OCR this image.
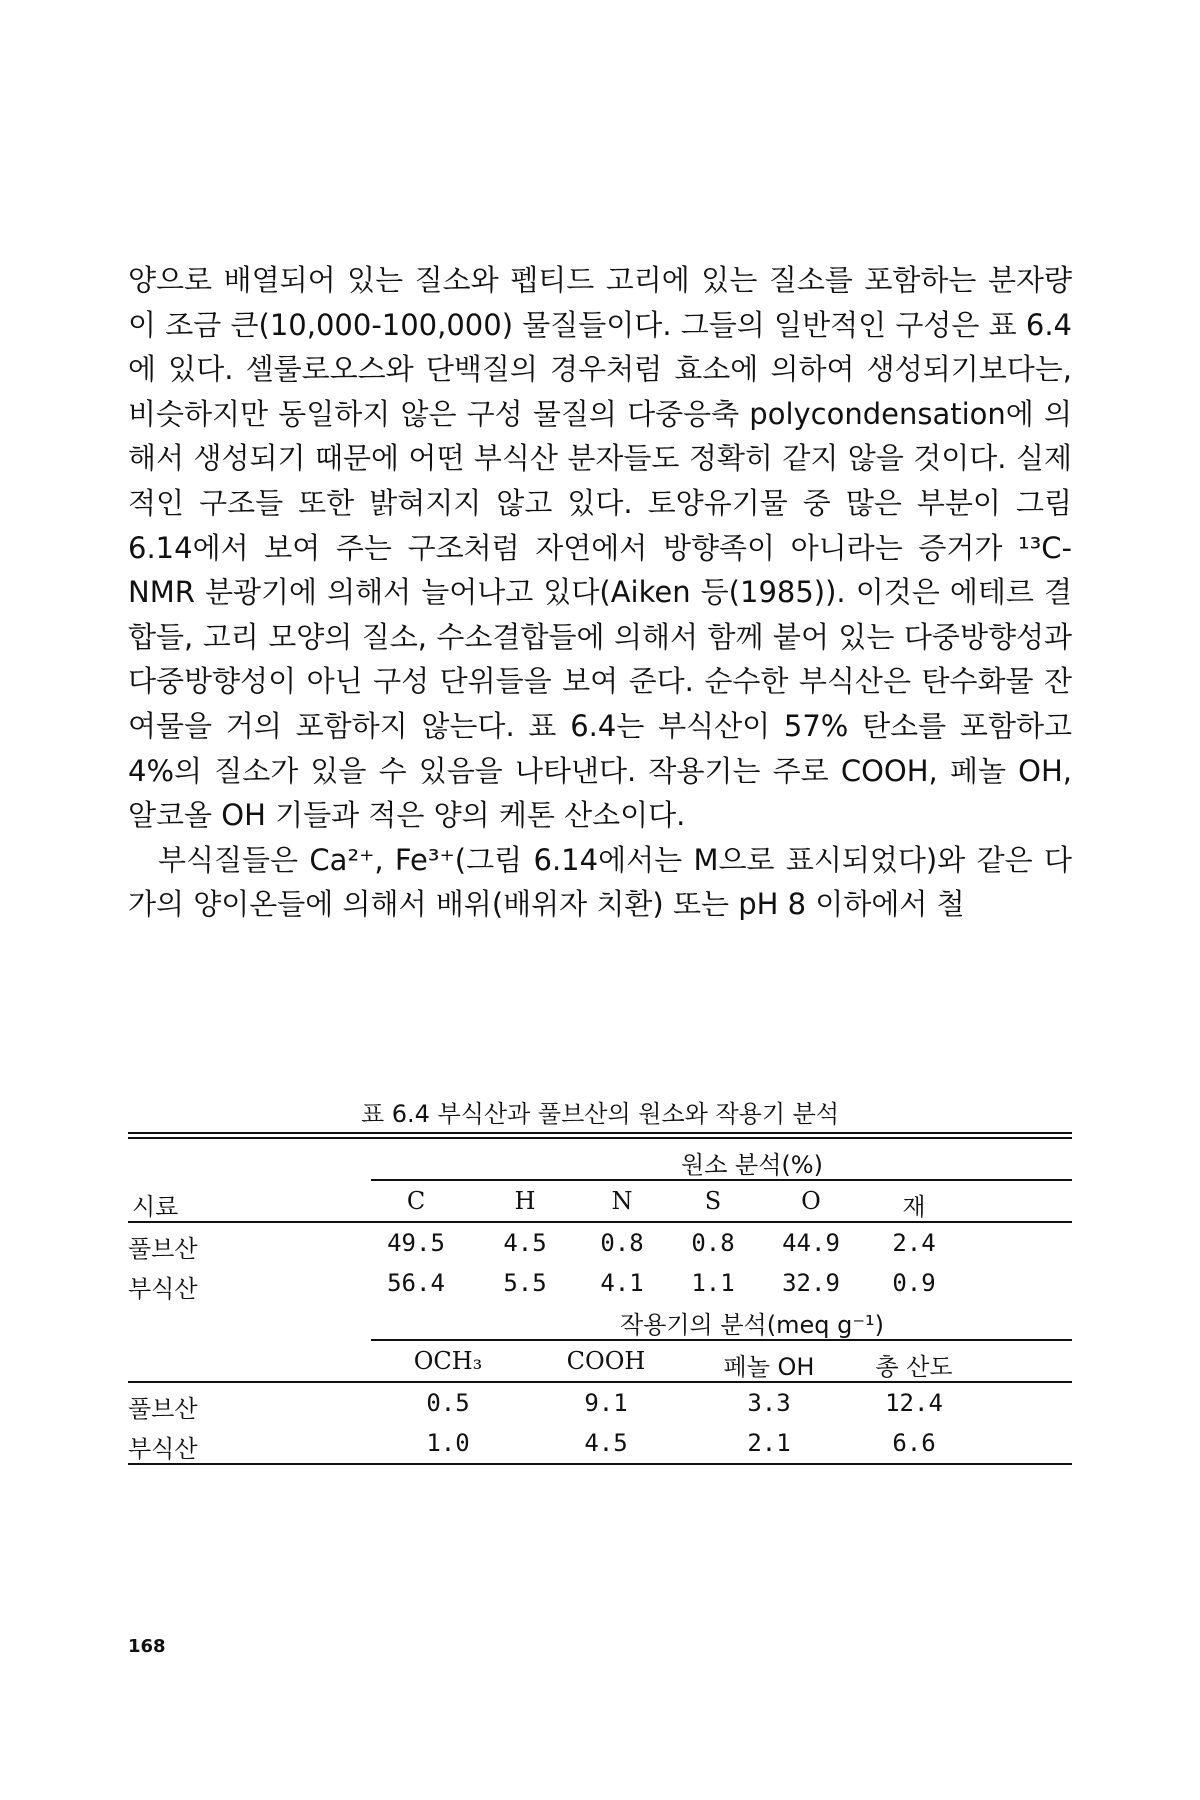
양으로 배열되어 있는 질소와 펩티드 고리에 있는 질소를 포함하는 분자량이 조금 큰(10,000-100,000) 물질들이다. 그들의 일반적인 구성은 표 6.4에 있다. 셀룰로오스와 단백질의 경우처럼 효소에 의하여 생성되기보다는, 비슷하지만 동일하지 않은 구성 물질의 다중응축 polycondensation에 의해서 생성되기 때문에 어떤 부식산 분자들도 정확히 같지 않을 것이다. 실제적인 구조들 또한 밝혀지지 않고 있다. 토양유기물 중 많은 부분이 그림 6.14에서 보여 주는 구조처럼 자연에서 방향족이 아니라는 증거가 ¹³C-NMR 분광기에 의해서 늘어나고 있다(Aiken 등(1985)). 이것은 에테르 결합들, 고리 모양의 질소, 수소결합들에 의해서 함께 붙어 있는 다중방향성과 다중방향성이 아닌 구성 단위들을 보여 준다. 순수한 부식산은 탄수화물 잔여물을 거의 포함하지 않는다. 표 6.4는 부식산이 57% 탄소를 포함하고 4%의 질소가 있을 수 있음을 나타낸다. 작용기는 주로 COOH, 페놀 OH, 알코올 OH 기들과 적은 양의 케톤 산소이다.

부식질들은 Ca²⁺, Fe³⁺(그림 6.14에서는 M으로 표시되었다)와 같은 다가의 양이온들에 의해서 배위(배위자 치환) 또는 pH 8 이하에서 철

표 6.4 부식산과 풀브산의 원소와 작용기 분석
원소 분석(%)
시료	C	H	N	S	O	재
풀브산	49.5 4.5 0.8 0.8 44.9 2.4
부식산	56.4 5.5 4.1 1.1 32.9 0.9
작용기의 분석(meq g⁻¹)
OCH₃	COOH	페놀 OH	총 산도
풀브산	0.5	9.1	3.3	12.4
부식산	1.0	4.5	2.1	6.6
168
